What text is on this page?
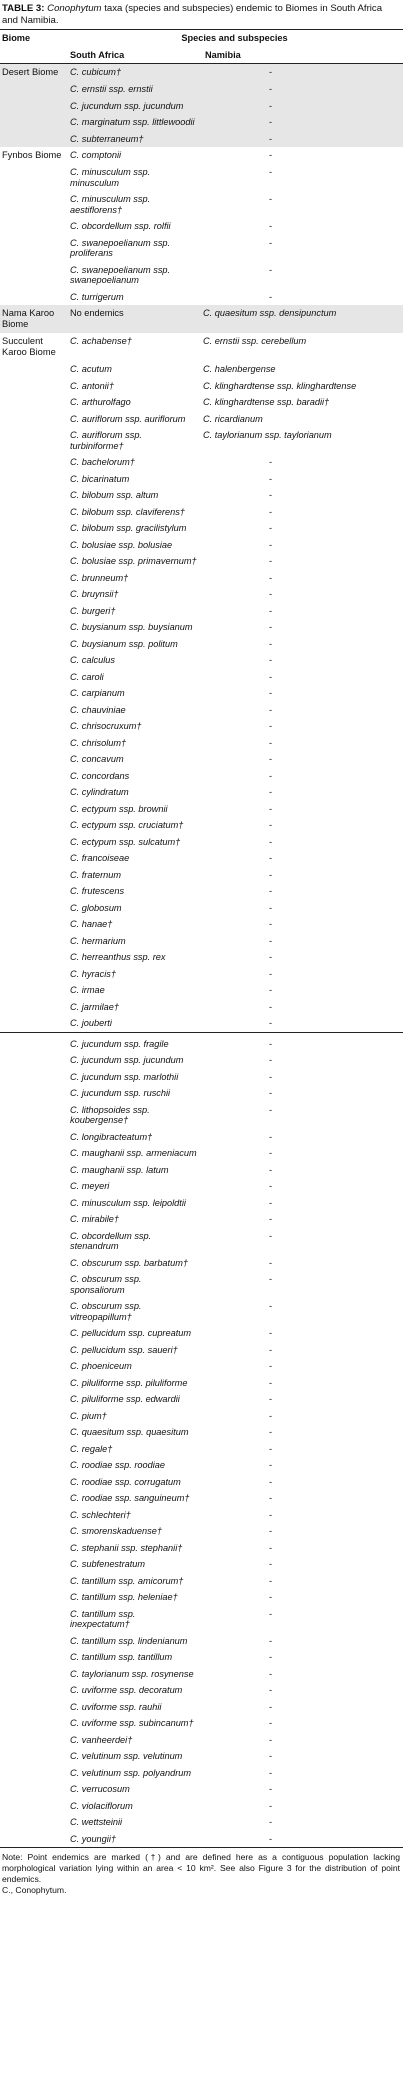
TABLE 3: Conophytum taxa (species and subspecies) endemic to Biomes in South Africa and Namibia.
Biome	Species and subspecies	
	South Africa	Namibia
Desert Biome	C. cubicum†	-
	C. ernstii ssp. ernstii	-
	C. jucundum ssp. jucundum	-
	C. marginatum ssp. littlewoodii	-
	C. subterraneum†	-
Fynbos Biome	C. comptonii	-
	C. minusculum ssp. minusculum	-
	C. minusculum ssp. aestiflorens†	-
	C. obcordellum ssp. rolfii	-
	C. swanepoelianum ssp. proliferans	-
	C. swanepoelianum ssp. swanepoelianum	-
	C. turrigerum	-
Nama Karoo Biome	No endemics	C. quaesitum ssp. densipunctum
Succulent Karoo Biome	C. achabense†	C. ernstii ssp. cerebellum
	C. acutum	C. halenbergense
	C. antonii†	C. klinghardtense ssp. klinghardtense
	C. arthurolfago	C. klinghardtense ssp. baradii†
	C. auriflorum ssp. auriflorum	C. ricardianum
	C. auriflorum ssp. turbiniforme†	C. taylorianum ssp. taylorianum
	C. bachelorum†	-
	C. bicarinatum	-
	C. bilobum ssp. altum	-
	C. bilobum ssp. claviferens†	-
	C. bilobum ssp. gracilistylum	-
	C. bolusiae ssp. bolusiae	-
	C. bolusiae ssp. primavernum†	-
	C. brunneum†	-
	C. bruynsii†	-
	C. burgeri†	-
	C. buysianum ssp. buysianum	-
	C. buysianum ssp. politum	-
	C. calculus	-
	C. caroli	-
	C. carpianum	-
	C. chauviniae	-
	C. chrisocruxum†	-
	C. chrisolum†	-
	C. concavum	-
	C. concordans	-
	C. cylindratum	-
	C. ectypum ssp. brownii	-
	C. ectypum ssp. cruciatum†	-
	C. ectypum ssp. sulcatum†	-
	C. francoiseae	-
	C. fraternum	-
	C. frutescens	-
	C. globosum	-
	C. hanae†	-
	C. hermarium	-
	C. herreanthus ssp. rex	-
	C. hyracis†	-
	C. irmae	-
	C. jarmilae†	-
	C. jouberti	-
	C. jucundum ssp. fragile	-
	C. jucundum ssp. jucundum	-
	C. jucundum ssp. marlothii	-
	C. jucundum ssp. ruschii	-
	C. lithopsoides ssp. koubergense†	-
	C. longibracteatum†	-
	C. maughanii ssp. armeniacum	-
	C. maughanii ssp. latum	-
	C. meyeri	-
	C. minusculum ssp. leipoldtii	-
	C. mirabile†	-
	C. obcordellum ssp. stenandrum	-
	C. obscurum ssp. barbatum†	-
	C. obscurum ssp. sponsaliorum	-
	C. obscurum ssp. vitreopapillum†	-
	C. pellucidum ssp. cupreatum	-
	C. pellucidum ssp. saueri†	-
	C. phoeniceum	-
	C. piluliforme ssp. piluliforme	-
	C. piluliforme ssp. edwardii	-
	C. pium†	-
	C. quaesitum ssp. quaesitum	-
	C. regale†	-
	C. roodiae ssp. roodiae	-
	C. roodiae ssp. corrugatum	-
	C. roodiae ssp. sanguineum†	-
	C. schlechteri†	-
	C. smorenskaduense†	-
	C. stephanii ssp. stephanii†	-
	C. subfenestratum	-
	C. tantillum ssp. amicorum†	-
	C. tantillum ssp. heleniae†	-
	C. tantillum ssp. inexpectatum†	-
	C. tantillum ssp. lindenianum	-
	C. tantillum ssp. tantillum	-
	C. taylorianum ssp. rosynense	-
	C. uviforme ssp. decoratum	-
	C. uviforme ssp. rauhii	-
	C. uviforme ssp. subincanum†	-
	C. vanheerdei†	-
	C. velutinum ssp. velutinum	-
	C. velutinum ssp. polyandrum	-
	C. verrucosum	-
	C. violaciflorum	-
	C. wettsteinii	-
	C. youngii†	-
Note: Point endemics are marked (†) and are defined here as a contiguous population lacking morphological variation lying within an area < 10 km². See also Figure 3 for the distribution of point endemics.
C., Conophytum.
